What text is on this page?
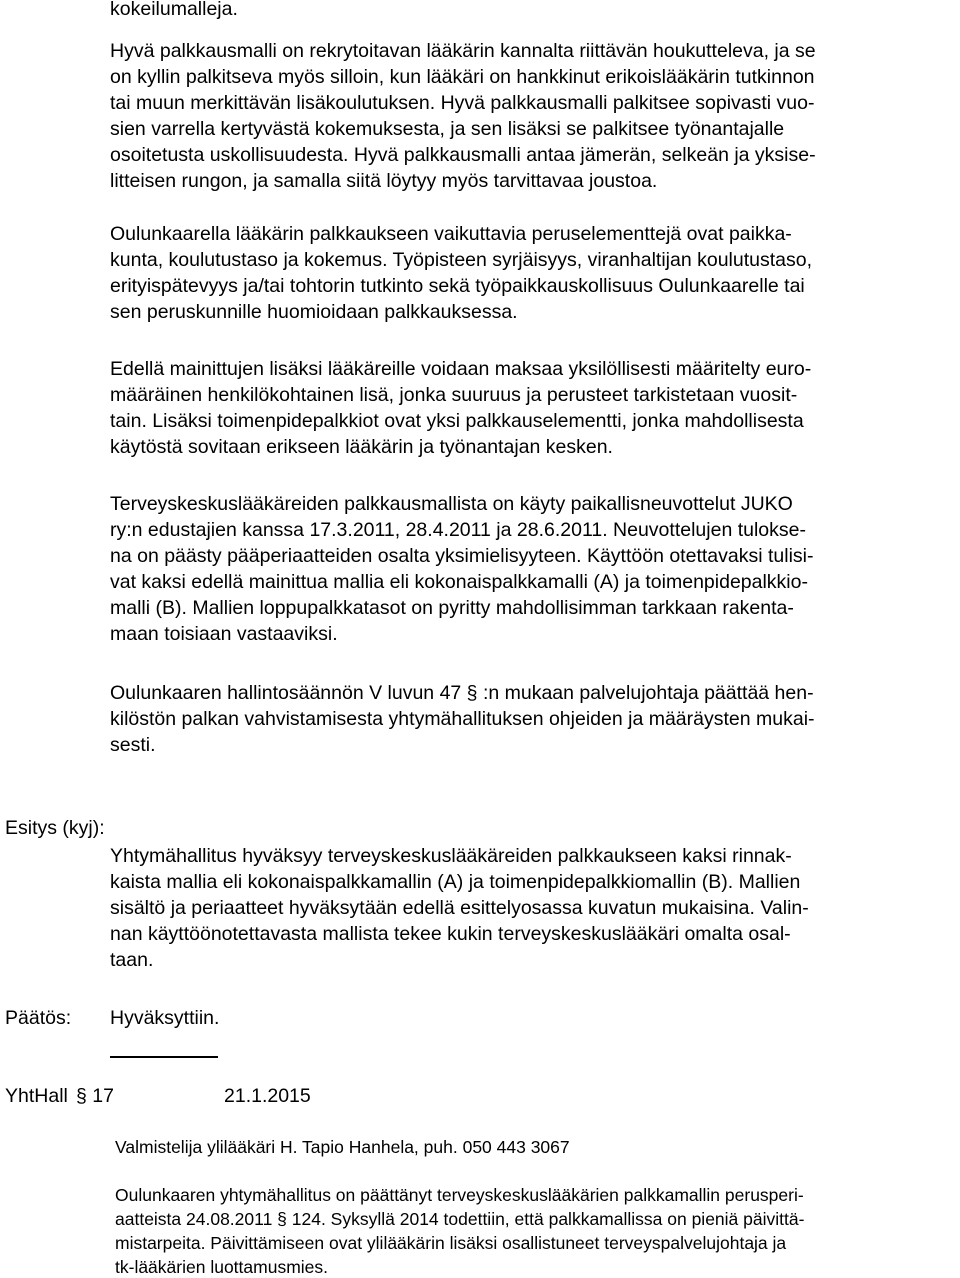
kokeilumalleja.
Hyvä palkkausmalli on rekrytoitavan lääkärin kannalta riittävän houkutteleva, ja se
on kyllin palkitseva myös silloin, kun lääkäri on hankkinut erikoislääkärin tutkinnon
tai muun merkittävän lisäkoulutuksen. Hyvä palkkausmalli palkitsee sopivasti vuo-
sien varrella kertyvästä kokemuksesta, ja sen lisäksi se palkitsee työnantajalle
osoitetusta uskollisuudesta. Hyvä palkkausmalli antaa jämerän, selkeän ja yksise-
litteisen rungon, ja samalla siitä löytyy myös tarvittavaa joustoa.
Oulunkaarella lääkärin palkkaukseen vaikuttavia peruselementtejä ovat paikka-
kunta, koulutustaso ja kokemus. Työpisteen syrjäisyys, viranhaltijan koulutustaso,
erityispätevyys ja/tai tohtorin tutkinto sekä työpaikkauskollisuus Oulunkaarelle tai
sen peruskunnille huomioidaan palkkauksessa.
Edellä mainittujen lisäksi lääkäreille voidaan maksaa yksilöllisesti määritelty euro-
määräinen henkilökohtainen lisä, jonka suuruus ja perusteet tarkistetaan vuosit-
tain. Lisäksi toimenpidepalkkiot ovat yksi palkkauselementti, jonka mahdollisesta
käytöstä sovitaan erikseen lääkärin ja työnantajan kesken.
Terveyskeskuslääkäreiden palkkausmallista on käyty paikallisneuvottelut JUKO
ry:n edustajien kanssa 17.3.2011, 28.4.2011 ja 28.6.2011. Neuvottelujen tulokse-
na on päästy pääperiaatteiden osalta yksimielisyyteen. Käyttöön otettavaksi tulisi-
vat kaksi edellä mainittua mallia eli kokonaispalkkamalli (A) ja toimenpidepalkkio-
malli (B). Mallien loppupalkkatasot on pyritty mahdollisimman tarkkaan rakenta-
maan toisiaan vastaaviksi.
Oulunkaaren hallintosäännön V luvun 47 § :n mukaan palvelujohtaja päättää hen-
kilöstön palkan vahvistamisesta yhtymähallituksen ohjeiden ja määräysten mukai-
sesti.
Esitys (kyj):
Yhtymähallitus hyväksyy terveyskeskuslääkäreiden palkkaukseen kaksi rinnak-
kaista mallia eli kokonaispalkkamallin (A) ja toimenpidepalkkiomallin (B). Mallien
sisältö ja periaatteet hyväksytään edellä esittelyosassa kuvatun mukaisina. Valin-
nan käyttöönotettavasta mallista tekee kukin terveyskeskuslääkäri omalta osal-
taan.
Päätös: Hyväksyttiin.
YhtHall § 17	21.1.2015
Valmistelija ylilääkäri H. Tapio Hanhela, puh. 050 443 3067
Oulunkaaren yhtymähallitus on päättänyt terveyskeskuslääkärien palkkamallin perusperi-
aatteista 24.08.2011 § 124. Syksyllä 2014 todettiin, että palkkamallissa on pieniä päivittä-
mistarpeita. Päivittämiseen ovat ylilääkärin lisäksi osallistuneet terveyspalvelujohtaja ja
tk-lääkärien luottamusmies.
